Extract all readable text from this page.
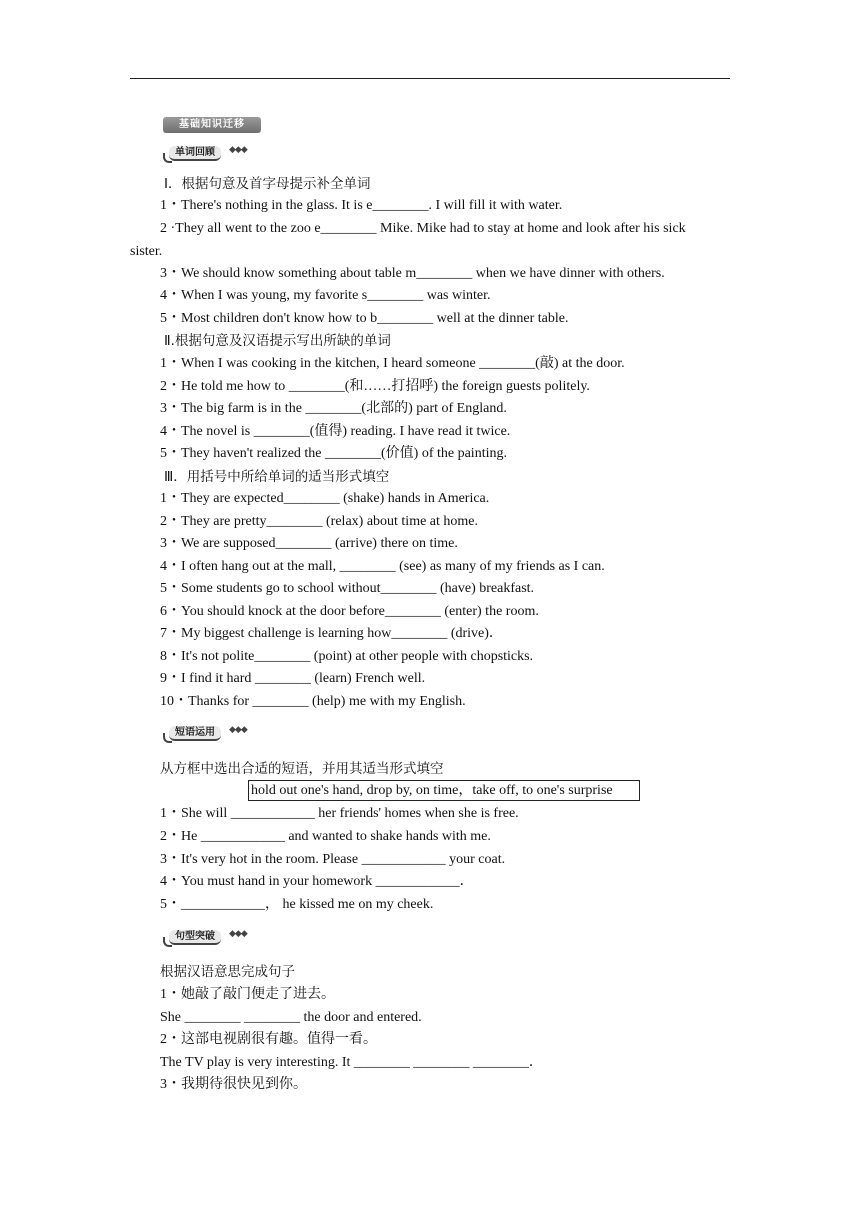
基础知识迁移
单词回顾	◆◆◆
Ⅰ．根据句意及首字母提示补全单词
1・There's nothing in the glass. It is e________. I will fill it with water.
2 ·They all went to the zoo e________ Mike. Mike had to stay at home and look after his sick
sister.
3・We should know something about table m________ when we have dinner with others.
4・When I was young, my favorite s________ was winter.
5・Most children don't know how to b________ well at the dinner table.
Ⅱ.根据句意及汉语提示写出所缺的单词
1・When I was cooking in the kitchen, I heard someone ________(敲) at the door.
2・He told me how to ________(和……打招呼) the foreign guests politely.
3・The big farm is in the ________(北部的) part of England.
4・The novel is ________(值得) reading. I have read it twice.
5・They haven't realized the ________(价值) of the painting.
Ⅲ．用括号中所给单词的适当形式填空
1・They are expected________ (shake) hands in America.
2・They are pretty________ (relax) about time at home.
3・We are supposed________ (arrive) there on time.
4・I often hang out at the mall, ________ (see) as many of my friends as I can.
5・Some students go to school without________ (have) breakfast.
6・You should knock at the door before________ (enter) the room.
7・My biggest challenge is learning how________ (drive)．
8・It's not polite________ (point) at other people with chopsticks.
9・I find it hard ________ (learn) French well.
10・Thanks for ________ (help) me with my English.
短语运用	◆◆◆
从方框中选出合适的短语，并用其适当形式填空
hold out one's hand, drop by, on time，take off, to one's surprise
1・She will ____________ her friends' homes when she is free.
2・He ____________ and wanted to shake hands with me.
3・It's very hot in the room. Please ____________ your coat.
4・You must hand in your homework ____________．
5・____________， he kissed me on my cheek.
句型突破	◆◆◆
根据汉语意思完成句子
1・她敲了敲门便走了进去。
She ________ ________ the door and entered.
2・这部电视剧很有趣。值得一看。
The TV play is very interesting. It ________ ________ ________．
3・我期待很快见到你。
